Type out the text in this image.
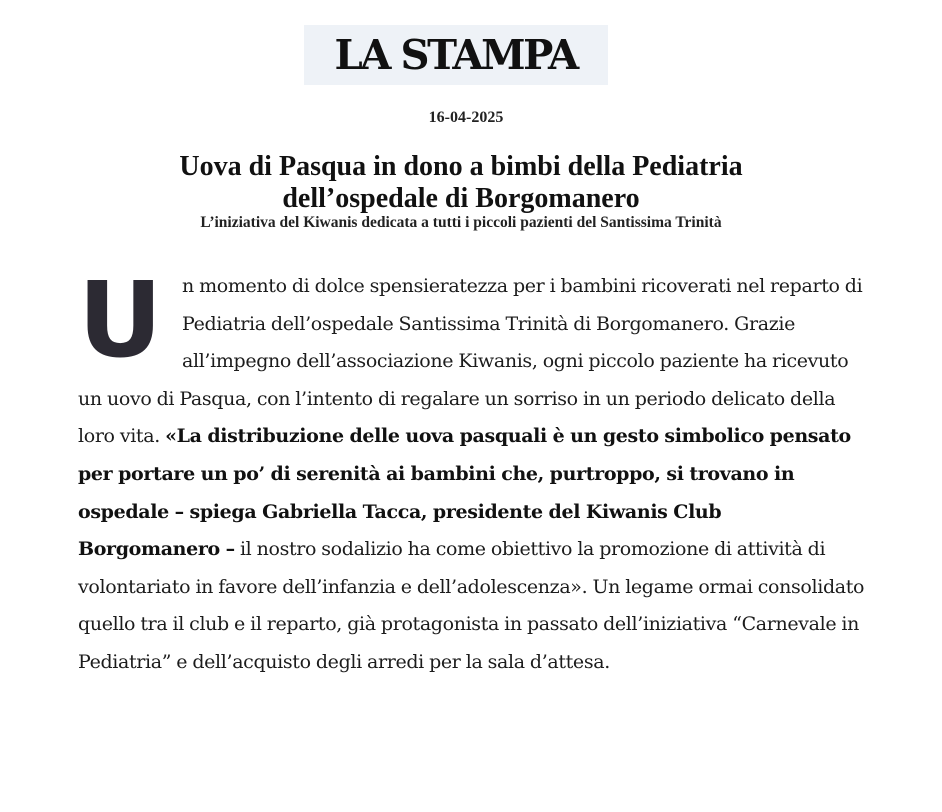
LA STAMPA
16-04-2025
Uova di Pasqua in dono a bimbi della Pediatria
dell’ospedale di Borgomanero
L’iniziativa del Kiwanis dedicata a tutti i piccoli pazienti del Santissima Trinità
U	n momento di dolce spensieratezza per i bambini ricoverati nel reparto di Pediatria dell’ospedale Santissima Trinità di Borgomanero. Grazie all’impegno dell’associazione Kiwanis, ogni piccolo paziente ha ricevuto un uovo di Pasqua, con l’intento di regalare un sorriso in un periodo delicato della loro vita. «La distribuzione delle uova pasquali è un gesto simbolico pensato per portare un po’ di serenità ai bambini che, purtroppo, si trovano in ospedale – spiega Gabriella Tacca, presidente del Kiwanis Club Borgomanero – il nostro sodalizio ha come obiettivo la promozione di attività di volontariato in favore dell’infanzia e dell’adolescenza». Un legame ormai consolidato quello tra il club e il reparto, già protagonista in passato dell’iniziativa “Carnevale in Pediatria” e dell’acquisto degli arredi per la sala d’attesa.
